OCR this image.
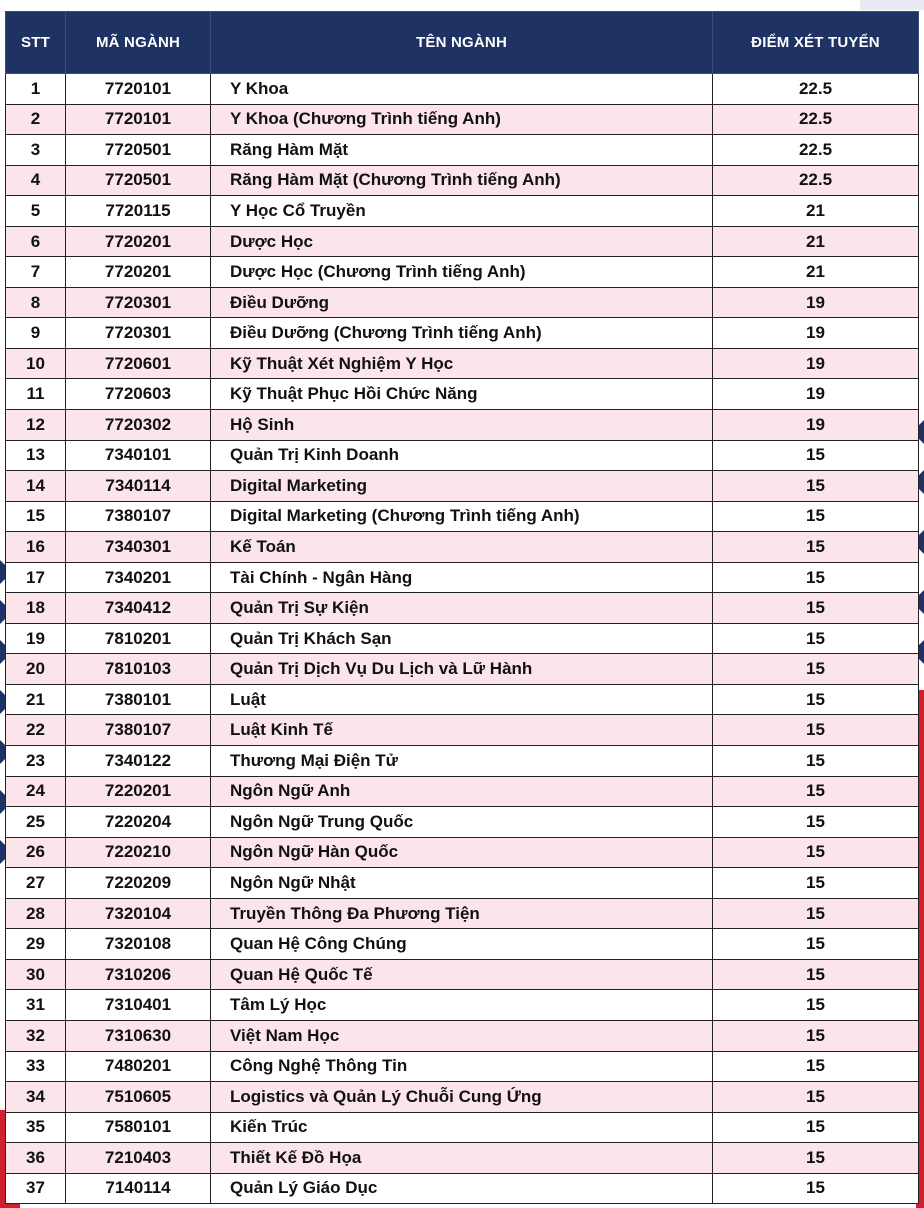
STT	MÃ NGÀNH	TÊN NGÀNH	ĐIỂM XÉT TUYỂN
1	7720101	Y Khoa	22.5
2	7720101	Y Khoa (Chương Trình tiếng Anh)	22.5
3	7720501	Răng Hàm Mặt	22.5
4	7720501	Răng Hàm Mặt (Chương Trình tiếng Anh)	22.5
5	7720115	Y Học Cổ Truyền	21
6	7720201	Dược Học	21
7	7720201	Dược Học (Chương Trình tiếng Anh)	21
8	7720301	Điều Dưỡng	19
9	7720301	Điều Dưỡng (Chương Trình tiếng Anh)	19
10	7720601	Kỹ Thuật Xét Nghiệm Y Học	19
11	7720603	Kỹ Thuật Phục Hồi Chức Năng	19
12	7720302	Hộ Sinh	19
13	7340101	Quản Trị Kinh Doanh	15
14	7340114	Digital Marketing	15
15	7380107	Digital Marketing (Chương Trình tiếng Anh)	15
16	7340301	Kế Toán	15
17	7340201	Tài Chính - Ngân Hàng	15
18	7340412	Quản Trị Sự Kiện	15
19	7810201	Quản Trị Khách Sạn	15
20	7810103	Quản Trị Dịch Vụ Du Lịch và Lữ Hành	15
21	7380101	Luật	15
22	7380107	Luật Kinh Tế	15
23	7340122	Thương Mại Điện Tử	15
24	7220201	Ngôn Ngữ Anh	15
25	7220204	Ngôn Ngữ Trung Quốc	15
26	7220210	Ngôn Ngữ Hàn Quốc	15
27	7220209	Ngôn Ngữ Nhật	15
28	7320104	Truyền Thông Đa Phương Tiện	15
29	7320108	Quan Hệ Công Chúng	15
30	7310206	Quan Hệ Quốc Tế	15
31	7310401	Tâm Lý Học	15
32	7310630	Việt Nam Học	15
33	7480201	Công Nghệ Thông Tin	15
34	7510605	Logistics và Quản Lý Chuỗi Cung Ứng	15
35	7580101	Kiến Trúc	15
36	7210403	Thiết Kế Đồ Họa	15
37	7140114	Quản Lý Giáo Dục	15
